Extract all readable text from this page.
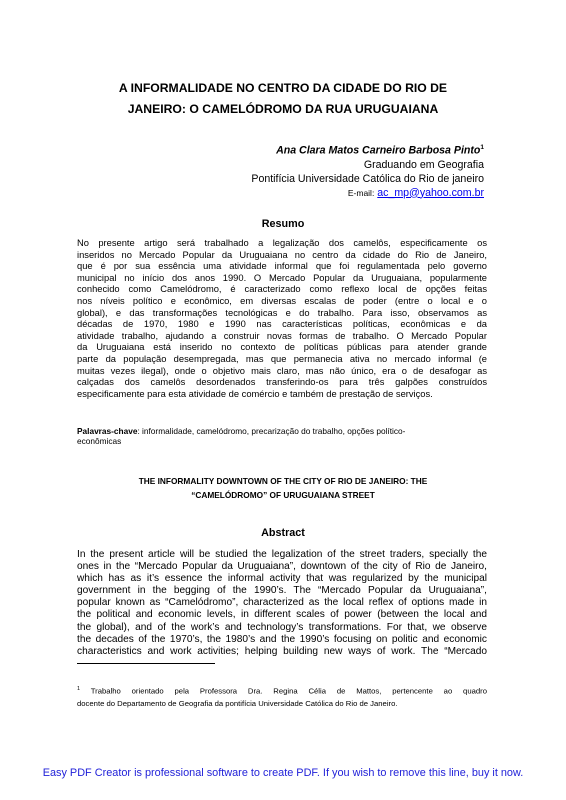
A INFORMALIDADE NO CENTRO DA CIDADE DO RIO DE
JANEIRO: O CAMELÓDROMO DA RUA URUGUAIANA
Ana Clara Matos Carneiro Barbosa Pinto$^1$
Graduando em Geografia
Pontifícia Universidade Católica do Rio de janeiro
E-mail: ac_mp@yahoo.com.br
Resumo
No presente artigo será trabalhado a legalização dos camelôs, especificamente os
inseridos no Mercado Popular da Uruguaiana no centro da cidade do Rio de Janeiro,
que é por sua essência uma atividade informal que foi regulamentada pelo governo
municipal no início dos anos 1990. O Mercado Popular da Uruguaiana, popularmente
conhecido como Camelódromo, é caracterizado como reflexo local de opções feitas
nos níveis político e econômico, em diversas escalas de poder (entre o local e o
global), e das transformações tecnológicas e do trabalho. Para isso, observamos as
décadas de 1970, 1980 e 1990 nas características políticas, econômicas e da
atividade trabalho, ajudando a construir novas formas de trabalho. O Mercado Popular
da Uruguaiana está inserido no contexto de políticas públicas para atender grande
parte da população desempregada, mas que permanecia ativa no mercado informal (e
muitas vezes ilegal), onde o objetivo mais claro, mas não único, era o de desafogar as
calçadas dos camelôs desordenados transferindo-os para três galpões construídos
especificamente para esta atividade de comércio e também de prestação de serviços.
Palavras-chave: informalidade, camelódromo, precarização do trabalho, opções político-
econômicas
THE INFORMALITY DOWNTOWN OF THE CITY OF RIO DE JANEIRO: THE
“CAMELÓDROMO” OF URUGUAIANA STREET
Abstract
In the present article will be studied the legalization of the street traders, specially the
ones in the “Mercado Popular da Uruguaiana”, downtown of the city of Rio de Janeiro,
which has as it’s essence the informal activity that was regularized by the municipal
government in the begging of the 1990’s. The “Mercado Popular da Uruguaiana”,
popular known as “Camelódromo”, characterized as the local reflex of options made in
the political and economic levels, in different scales of power (between the local and
the global), and of the work’s and technology’s transformations. For that, we observe
the decades of the 1970’s, the 1980’s and the 1990’s focusing on politic and economic
characteristics and work activities; helping building new ways of work. The “Mercado
$^1$ Trabalho orientado pela Professora Dra. Regina Célia de Mattos, pertencente ao quadro
docente do Departamento de Geografia da pontifícia Universidade Católica do Rio de Janeiro.
Easy PDF Creator is professional software to create PDF. If you wish to remove this line, buy it now.
